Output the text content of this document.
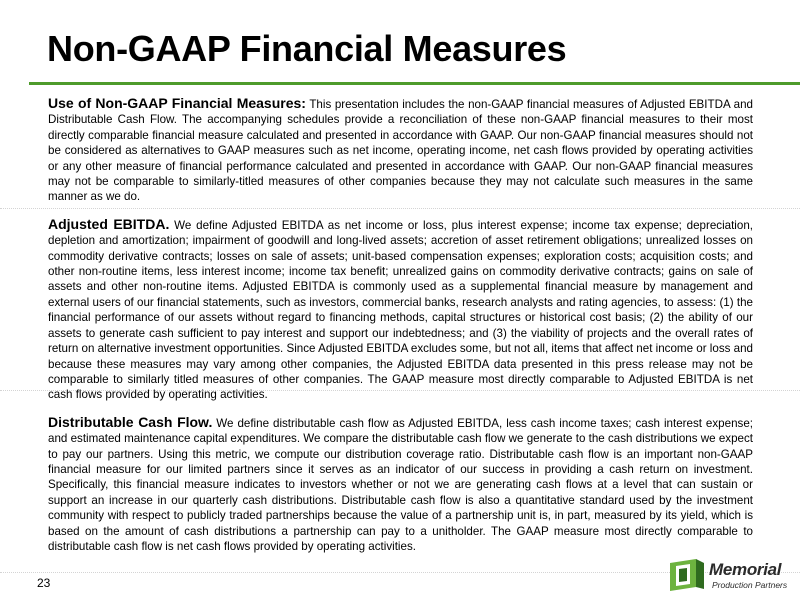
Non-GAAP Financial Measures

Use of Non-GAAP Financial Measures: This presentation includes the non-GAAP financial measures of Adjusted EBITDA and Distributable Cash Flow. The accompanying schedules provide a reconciliation of these non-GAAP financial measures to their most directly comparable financial measure calculated and presented in accordance with GAAP. Our non-GAAP financial measures should not be considered as alternatives to GAAP measures such as net income, operating income, net cash flows provided by operating activities or any other measure of financial performance calculated and presented in accordance with GAAP. Our non-GAAP financial measures may not be comparable to similarly-titled measures of other companies because they may not calculate such measures in the same manner as we do.

Adjusted EBITDA. We define Adjusted EBITDA as net income or loss, plus interest expense; income tax expense; depreciation, depletion and amortization; impairment of goodwill and long-lived assets; accretion of asset retirement obligations; unrealized losses on commodity derivative contracts; losses on sale of assets; unit-based compensation expenses; exploration costs; acquisition costs; and other non-routine items, less interest income; income tax benefit; unrealized gains on commodity derivative contracts; gains on sale of assets and other non-routine items. Adjusted EBITDA is commonly used as a supplemental financial measure by management and external users of our financial statements, such as investors, commercial banks, research analysts and rating agencies, to assess: (1) the financial performance of our assets without regard to financing methods, capital structures or historical cost basis; (2) the ability of our assets to generate cash sufficient to pay interest and support our indebtedness; and (3) the viability of projects and the overall rates of return on alternative investment opportunities. Since Adjusted EBITDA excludes some, but not all, items that affect net income or loss and because these measures may vary among other companies, the Adjusted EBITDA data presented in this press release may not be comparable to similarly titled measures of other companies. The GAAP measure most directly comparable to Adjusted EBITDA is net cash flows provided by operating activities.

Distributable Cash Flow. We define distributable cash flow as Adjusted EBITDA, less cash income taxes; cash interest expense; and estimated maintenance capital expenditures. We compare the distributable cash flow we generate to the cash distributions we expect to pay our partners. Using this metric, we compute our distribution coverage ratio. Distributable cash flow is an important non-GAAP financial measure for our limited partners since it serves as an indicator of our success in providing a cash return on investment. Specifically, this financial measure indicates to investors whether or not we are generating cash flows at a level that can sustain or support an increase in our quarterly cash distributions. Distributable cash flow is also a quantitative standard used by the investment community with respect to publicly traded partnerships because the value of a partnership unit is, in part, measured by its yield, which is based on the amount of cash distributions a partnership can pay to a unitholder. The GAAP measure most directly comparable to distributable cash flow is net cash flows provided by operating activities.

23
Memorial
Production Partners
